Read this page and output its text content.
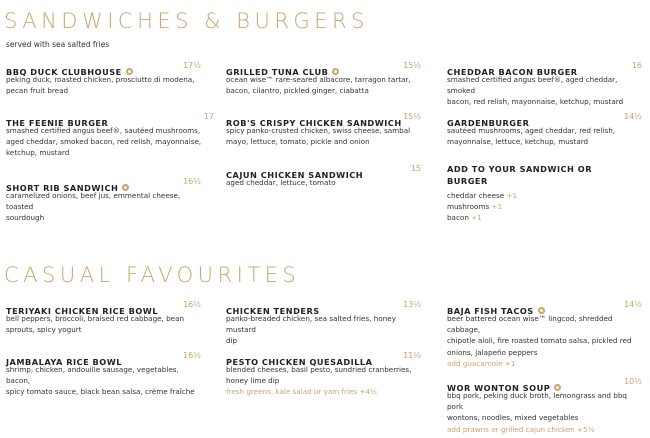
SANDWICHES & BURGERS
served with sea salted fries
BBQ DUCK CLUBHOUSE
17½
peking duck, roasted chicken, prosciutto di modena,
pecan fruit bread
THE FEENIE BURGER
17
smashed certified angus beef®, sautéed mushrooms,
aged cheddar, smoked bacon, red relish, mayonnaise,
ketchup, mustard
SHORT RIB SANDWICH
16½
caramelized onions, beef jus, emmental cheese, toasted
sourdough
GRILLED TUNA CLUB
15½
ocean wise™ rare-seared albacore, tarragon tartar,
bacon, cilantro, pickled ginger, ciabatta
ROB'S CRISPY CHICKEN SANDWICH
15½
spicy panko-crusted chicken, swiss cheese, sambal
mayo, lettuce, tomato, pickle and onion
CAJUN CHICKEN SANDWICH
15
aged cheddar, lettuce, tomato
CHEDDAR BACON BURGER
16
smashed certified angus beef®, aged cheddar, smoked
bacon, red relish, mayonnaise, ketchup, mustard
GARDENBURGER
14½
sautéed mushrooms, aged cheddar, red relish,
mayonnaise, lettuce, ketchup, mustard
ADD TO YOUR SANDWICH OR
BURGER
cheddar cheese +1
mushrooms +1
bacon +1
CASUAL FAVOURITES
TERIYAKI CHICKEN RICE BOWL
16½
bell peppers, broccoli, braised red cabbage, bean
sprouts, spicy yogurt
JAMBALAYA RICE BOWL
16½
shrimp, chicken, andouille sausage, vegetables, bacon,
spicy tomato sauce, black bean salsa, crème fraîche
CHICKEN TENDERS
13½
panko-breaded chicken, sea salted fries, honey mustard
dip
PESTO CHICKEN QUESADILLA
11½
blended cheeses, basil pesto, sundried cranberries,
honey lime dip
fresh greens, kale salad or yam fries +4½
BAJA FISH TACOS
14½
beer battered ocean wise™ lingcod, shredded cabbage,
chipotle aioli, fire roasted tomato salsa, pickled red
onions, jalapeño peppers
add guacamole +1
WOR WONTON SOUP
10½
bbq pork, peking duck broth, lemongrass and bbq pork
wontons, noodles, mixed vegetables
add prawns or grilled cajun chicken +5½
